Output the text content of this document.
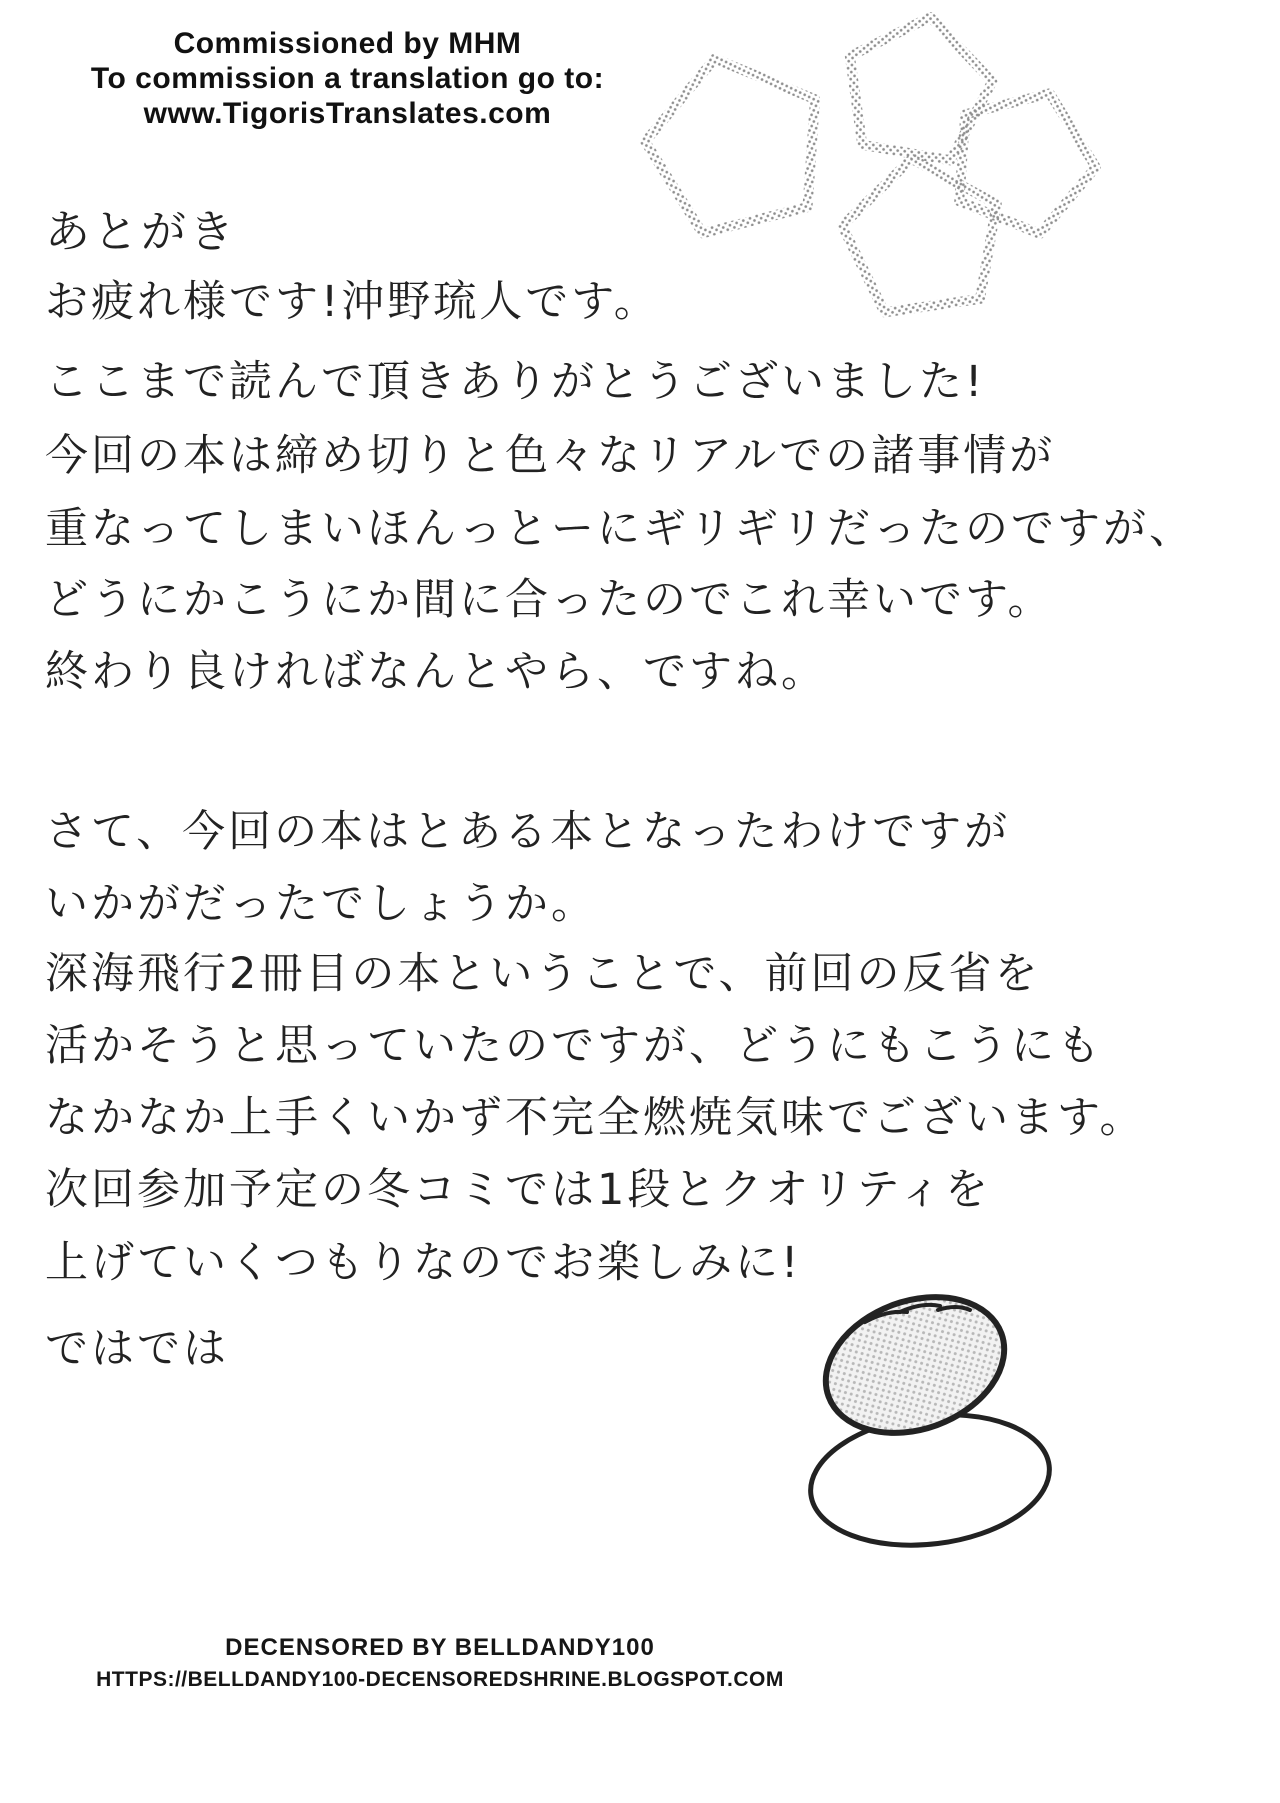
Commissioned by MHM
To commission a translation go to:
www.TigorisTranslates.com
あとがき
お疲れ様です!沖野琉人です。
ここまで読んで頂きありがとうございました!
今回の本は締め切りと色々なリアルでの諸事情が
重なってしまいほんっとーにギリギリだったのですが、
どうにかこうにか間に合ったのでこれ幸いです。
終わり良ければなんとやら、ですね。
さて、今回の本はとある本となったわけですが
いかがだったでしょうか。
深海飛行2冊目の本ということで、前回の反省を
活かそうと思っていたのですが、どうにもこうにも
なかなか上手くいかず不完全燃焼気味でございます。
次回参加予定の冬コミでは1段とクオリティを
上げていくつもりなのでお楽しみに!
ではでは
DECENSORED BY BELLDANDY100
HTTPS://BELLDANDY100-DECENSOREDSHRINE.BLOGSPOT.COM
